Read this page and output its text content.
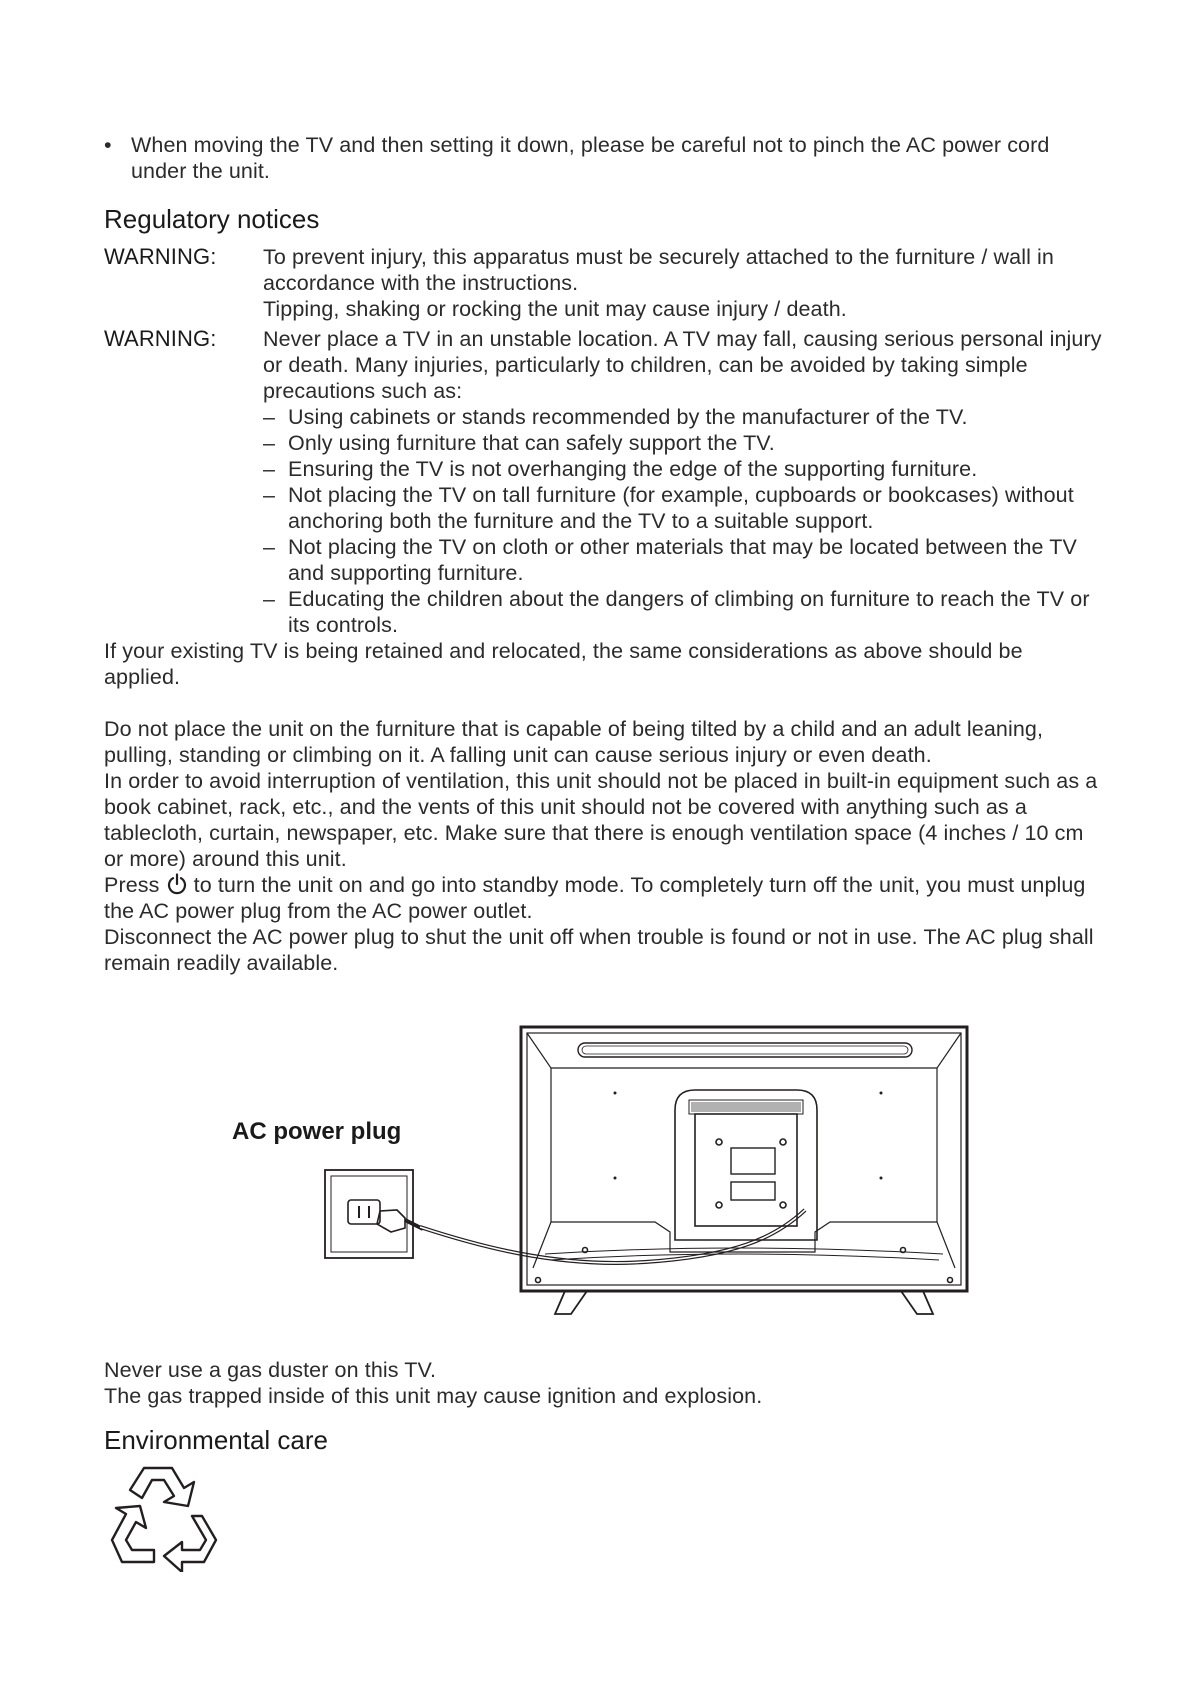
• When moving the TV and then setting it down, please be careful not to pinch the AC power cord under the unit.
Regulatory notices
WARNING: To prevent injury, this apparatus must be securely attached to the furniture / wall in accordance with the instructions.
Tipping, shaking or rocking the unit may cause injury / death.
WARNING: Never place a TV in an unstable location. A TV may fall, causing serious personal injury or death. Many injuries, particularly to children, can be avoided by taking simple precautions such as:
– Using cabinets or stands recommended by the manufacturer of the TV.
– Only using furniture that can safely support the TV.
– Ensuring the TV is not overhanging the edge of the supporting furniture.
– Not placing the TV on tall furniture (for example, cupboards or bookcases) without anchoring both the furniture and the TV to a suitable support.
– Not placing the TV on cloth or other materials that may be located between the TV and supporting furniture.
– Educating the children about the dangers of climbing on furniture to reach the TV or its controls.
If your existing TV is being retained and relocated, the same considerations as above should be applied.
Do not place the unit on the furniture that is capable of being tilted by a child and an adult leaning, pulling, standing or climbing on it. A falling unit can cause serious injury or even death.
In order to avoid interruption of ventilation, this unit should not be placed in built-in equipment such as a book cabinet, rack, etc., and the vents of this unit should not be covered with anything such as a tablecloth, curtain, newspaper, etc. Make sure that there is enough ventilation space (4 inches / 10 cm or more) around this unit.
Press to turn the unit on and go into standby mode. To completely turn off the unit, you must unplug the AC power plug from the AC power outlet.
Disconnect the AC power plug to shut the unit off when trouble is found or not in use. The AC plug shall remain readily available.
AC power plug
Never use a gas duster on this TV.
The gas trapped inside of this unit may cause ignition and explosion.
Environmental care
